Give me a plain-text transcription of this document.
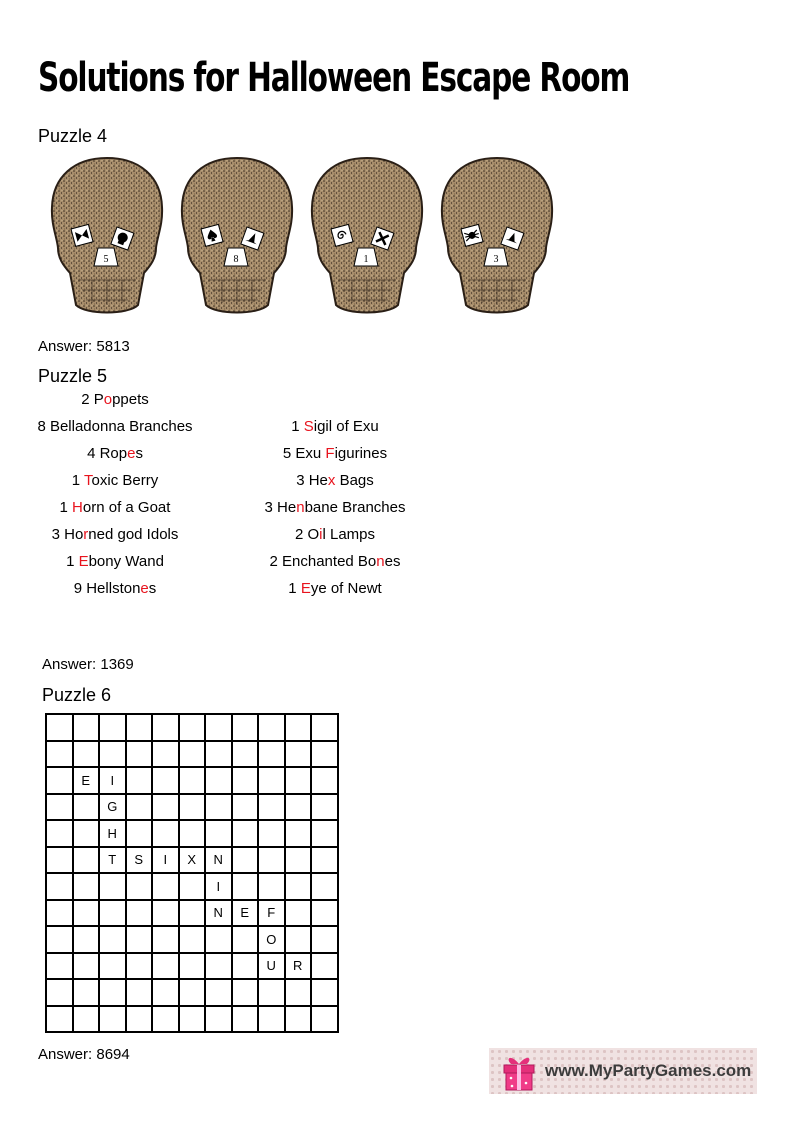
Solutions for Halloween Escape Room
Puzzle 4
5	8	1	3
Answer: 5813
Puzzle 5
2 Poppets
8 Belladonna Branches
4 Ropes
1 Toxic Berry
1 Horn of a Goat
3 Horned god Idols
1 Ebony Wand
9 Hellstones
1 Sigil of Exu
5 Exu Figurines
3 Hex Bags
3 Henbane Branches
2 Oil Lamps
2 Enchanted Bones
1 Eye of Newt
Answer: 1369
Puzzle 6

	E	I								
		G								
		H								
		T	S	I	X	N				
						I				
						N	E	F		
								O		
								U	R	

Answer: 8694
www.MyPartyGames.com
